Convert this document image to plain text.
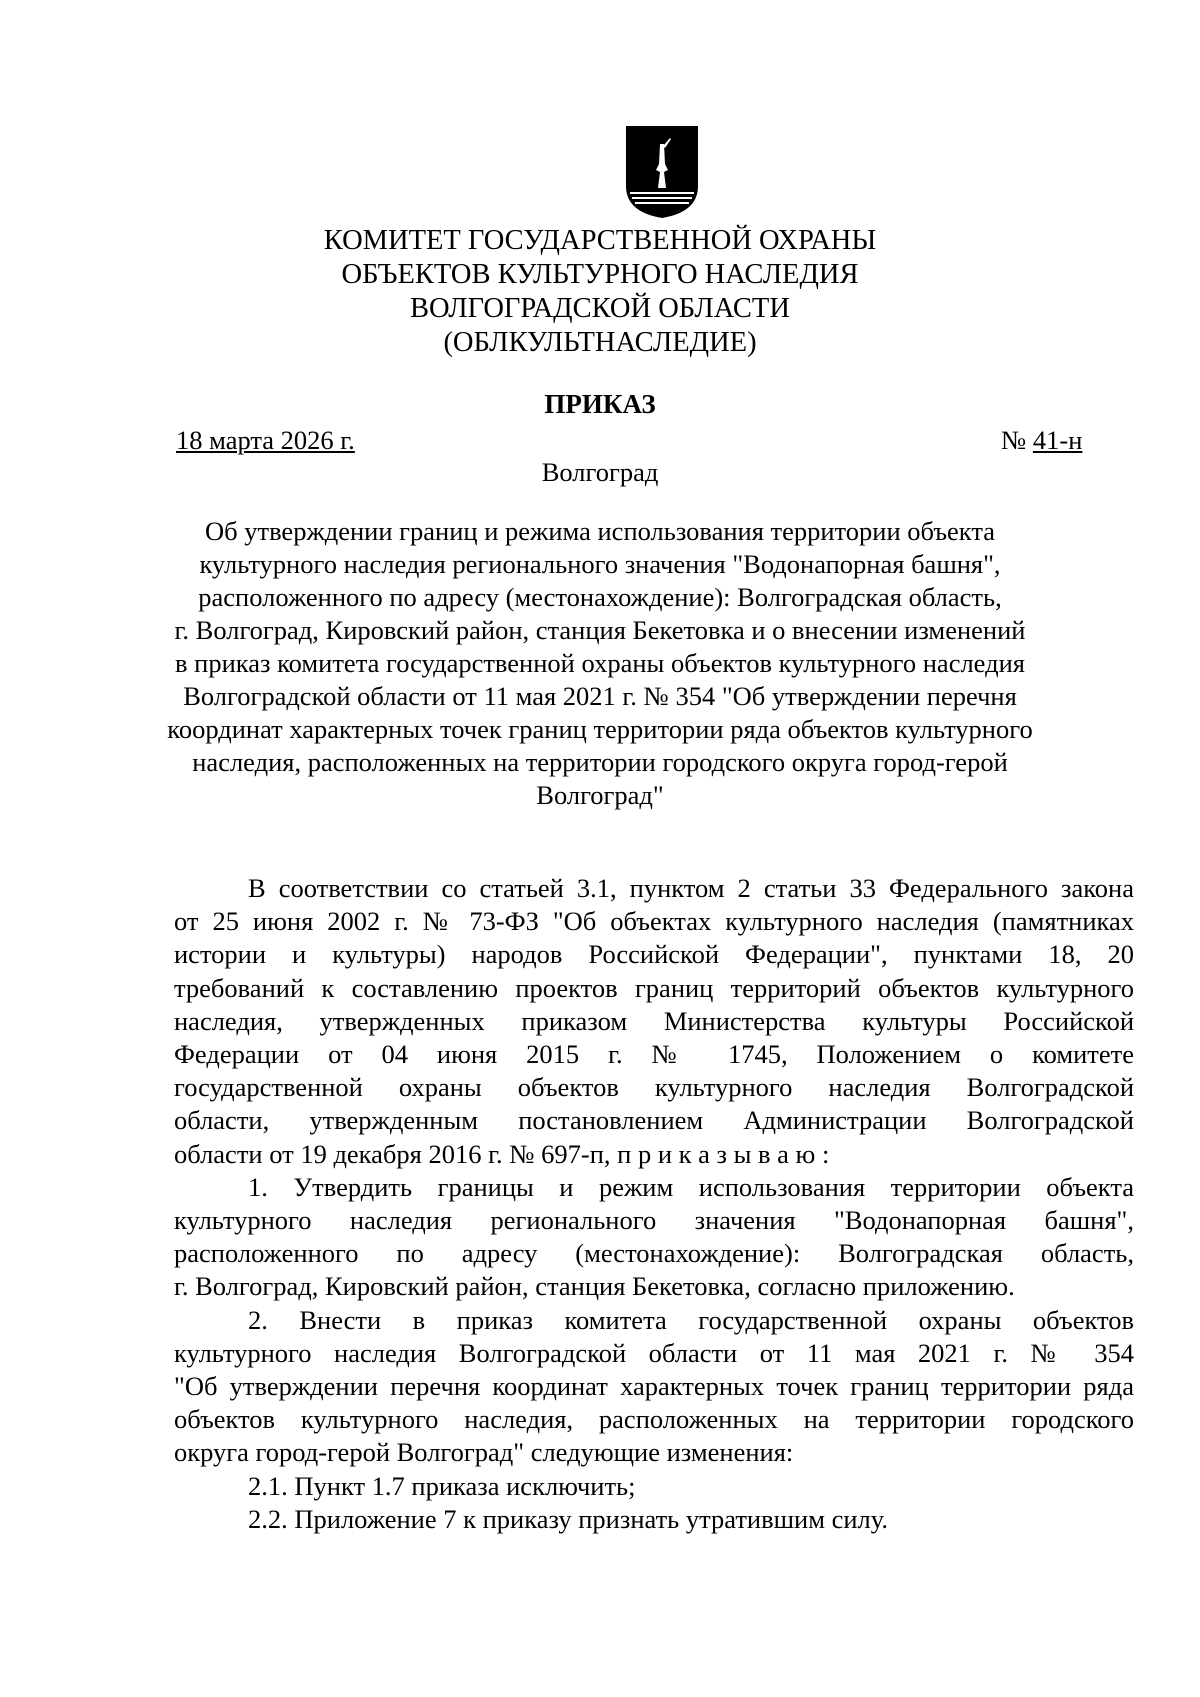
КОМИТЕТ ГОСУДАРСТВЕННОЙ ОХРАНЫ
ОБЪЕКТОВ КУЛЬТУРНОГО НАСЛЕДИЯ
ВОЛГОГРАДСКОЙ ОБЛАСТИ
(ОБЛКУЛЬТНАСЛЕДИЕ)
ПРИКАЗ
18 марта 2026 г.	№ 41-н
Волгоград
Об утверждении границ и режима использования территории объекта
культурного наследия регионального значения "Водонапорная башня",
расположенного по адресу (местонахождение): Волгоградская область,
г. Волгоград, Кировский район, станция Бекетовка и о внесении изменений
в приказ комитета государственной охраны объектов культурного наследия
Волгоградской области от 11 мая 2021 г. № 354 "Об утверждении перечня
координат характерных точек границ территории ряда объектов культурного
наследия, расположенных на территории городского округа город-герой
Волгоград"
В соответствии со статьей 3.1, пунктом 2 статьи 33 Федерального закона
от 25 июня 2002 г. № 73-ФЗ "Об объектах культурного наследия (памятниках
истории и культуры) народов Российской Федерации", пунктами 18, 20
требований к составлению проектов границ территорий объектов культурного
наследия, утвержденных приказом Министерства культуры Российской
Федерации от 04 июня 2015 г. № 1745, Положением о комитете
государственной охраны объектов культурного наследия Волгоградской
области, утвержденным постановлением Администрации Волгоградской
области от 19 декабря 2016 г. № 697-п, п р и к а з ы в а ю :
1. Утвердить границы и режим использования территории объекта
культурного наследия регионального значения "Водонапорная башня",
расположенного по адресу (местонахождение): Волгоградская область,
г. Волгоград, Кировский район, станция Бекетовка, согласно приложению.
2. Внести в приказ комитета государственной охраны объектов
культурного наследия Волгоградской области от 11 мая 2021 г. № 354
"Об утверждении перечня координат характерных точек границ территории ряда
объектов культурного наследия, расположенных на территории городского
округа город-герой Волгоград" следующие изменения:
2.1. Пункт 1.7 приказа исключить;
2.2. Приложение 7 к приказу признать утратившим силу.
